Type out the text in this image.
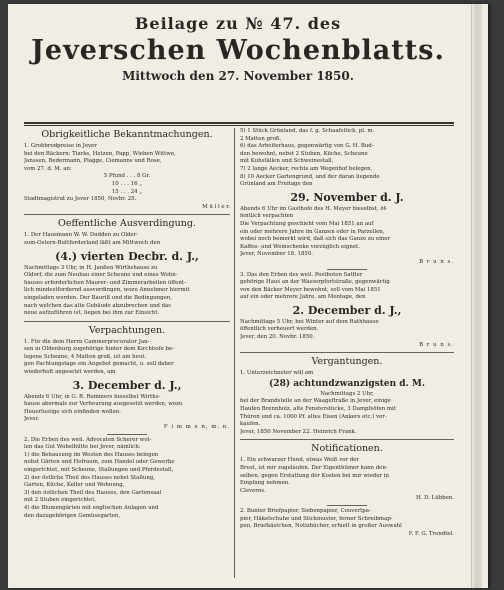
Beilage zu № 47. des
Jeverschen Wochenblatts.
Mittwoch den 27. November 1850.
Obrigkeitliche Bekanntmachungen.
1. Grobbrodpreise in Jever
bei den Bäckern: Tiarks, Hetzen, Papp, Wieben Wittwe,
Janssen, Bedermann, Plagge, Ciemanns und Rose,
vom 27. d. M. an:
5 Pfund . . . 8 Gr.
10 . . . 16 „
15 . . . 24 „
Stadtmagistrat zu Jever 1850, Novbr. 25.
M ü l l e r.
Oeffentliche Ausverdingung.
1. Der Hausmann W. W. Dudden zu Older-
sum-Ostern-Buttforderland läßt am Mittwoch den
(4.) vierten Decbr. d. J.,
Nachmittags 3 Uhr, in H. Janßen Wirthshause zu
Oldorf, die zum Neubau einer Scheune und eines Wohn-
hauses erforderlichen Maurer- und Zimmerarbeiten öffent-
lich mindestfordernd ausverdingen, wozu Annehmer hiermit
eingeladen werden. Der Bauriß und die Bedingungen,
nach welchen das alte Gebäude abzubrechen und das
neue aufzuführen ist, liegen bei ihm zur Einsicht.
Verpachtungen.
1. Für die dem Herrn Cammerprocurator Jan-
sen in Oldenburg zugehörige hinter dem Kirchhofe be-
legene Scheune, 4 Matten groß, ist am heut.
gen Pachtungstage ein Angebot gemacht, u. soll daher
wiederholt angesetzt werden, am
3. December d. J.,
Abends 6 Uhr, in G. R. Remmers hieselbst Wirths-
hause abermals zur Verheurung ausgesetzt werden, wozu
Heuerlustige sich einfinden wollen.
Jever.
F i m m e n, m. n.
2. Die Erben des weil. Advocaten Scherer wol-
len das Gut Wobelhütte bei Jever, nämlich:
1) die Behausung im Westen des Hauses belegen
nebst Gärten und Hofraum, zum Handel oder Gewerbe
eingerichtet, mit Scheune, Stallungen und Pferdestall,
2) der östliche Theil des Hauses nebst Stallung,
Garten, Küche, Keller und Wohnung,
3) den östlichen Theil des Hauses, den Gartensaal
mit 2 Stuben eingerichtet,
4) die Blumengärten mit englischen Anlagen und
den dazugehörigen Gemüsegarten,
5) 1 Stück Grünland, das f. g. Schaafstück, pl. m.
2 Matten groß,
6) das Arbeiterhaus, gegenwärtig von G. H. Bud-
den bewohnt, nebst 2 Stuben, Küche, Scheune
mit Kuhställen und Schweinestall,
7) 2 lange Aecker, rechts am Wegenhof belegen,
8) 10 Aecker Gartengrund, und der daran liegende
Grünland am Freitage den
29. November d. J.
Abends 6 Uhr im Gasthofe des H. Meyer hieselbst, öf-
fentlich verpachten
Die Verpachtung geschieht vom Mai 1851 an auf
ein oder mehrere Jahre im Ganzen oder in Parzellen,
wobei noch bemerkt wird, daß sich das Ganze zu einer
Kaffee- und Weinschenke vorzüglich eignet.
Jever, November 18. 1850.
B r u n s.
3. Das den Erben des weil. Postboten Sattler
gehörige Haus an der Wasserpfortstraße, gegenwärtig
von den Bäcker Meyer bewohnt, soll vom Mai 1851
auf ein oder mehrere Jahre, am Montage, den
2. December d. J.,
Nachmittags 5 Uhr, bei Winter auf dem Rathhause
öffentlich verheuert werden.
Jever, den 20. Novbr. 1850.
B r u n s.
Vergantungen.
1. Unterzeichneter will am
(28) achtundzwanzigsten d. M.
Nachmittags 2 Uhr,
bei der Brandstelle an der Waageftraße in Jever, einige
Haufen Brennholz, alte Fensterstücke, 3 Dampfsöfen mit
Thüren und ca. 1000 Pf. altes Eisen (Ankers etc.) ver-
kaufen.
Jever, 1850 November 22. Heinrich Frank.
Notificationen.
1. Ein schwarzer Hund, etwas Weiß vor der
Brust, ist mir zugelaufen. Der Eigenthümer kann den-
selben, gegen Erstattung der Kosten bei mir wieder in
Empfang nehmen.
Cleverns.
H. D. Lübben.
2. Bunter Briefpapier, Siebenpapier, Couvertpa-
pier, Häkelschuhe und Stickmuster, ferner Schreibmap-
pen, Briefkästchen, Notizbücher, erhielt in großer Auswahl
F. F. G. Trendtel.
